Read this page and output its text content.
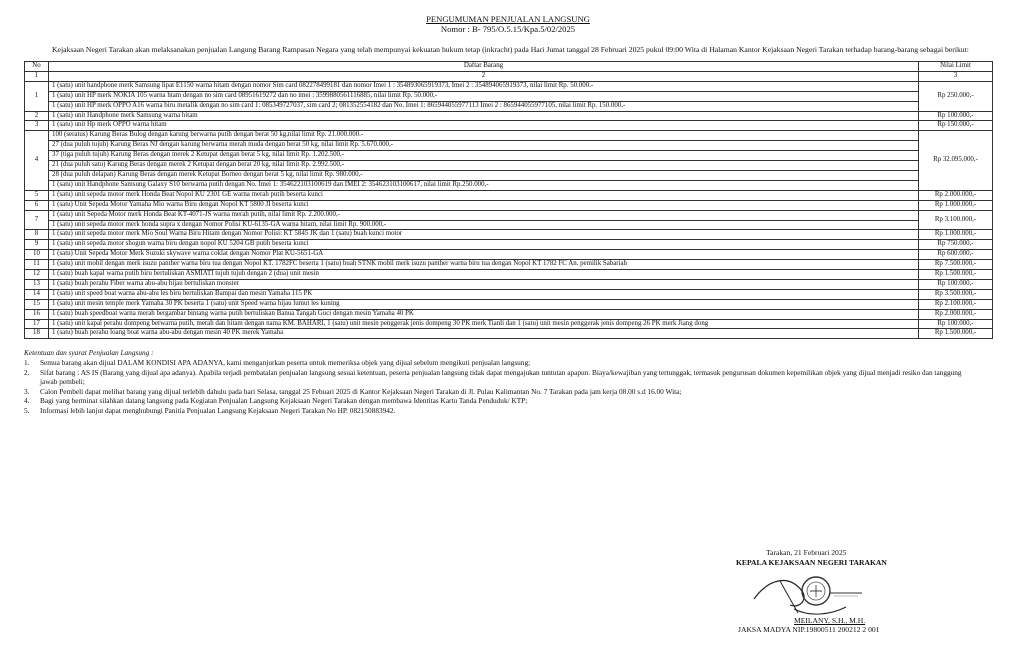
PENGUMUMAN PENJUALAN LANGSUNG
Nomor : B- 795/O.5.15/Kpa.5/02/2025
Kejaksaan Negeri Tarakan akan melaksanakan penjualan Langung Barang Rampasan Negara yang telah mempunyai kekuatan hukum tetap (inkracht) pada Hari Jumat tanggal 28 Februari 2025 pukul 09:00 Wita di Halaman Kantor Kejaksaan Negeri Tarakan terhadap barang-barang sebagai berikut:
No	Daftar Barang	Nilai Limit
1	2	3
1	1 (satu) unit handphone merk Samsung lipat E1150 warna hitam dengan nomor Sim card 082278499181 dan nomor Imei 1 : 354893065919373, Imei 2 : 354894065919373, nilai limit Rp. 50.000.-	Rp 250.000,-
	1 (satu) unit HP merk NOKIA 105 warna htam dengan no sim card 08951619272 dan no imei : 3599880561116885, nilai limit Rp. 50.000,-	
	1 (satu) unit HP merk OPPO A16 warna biru metalik dengan no sim card 1: 085349727037, sim card 2; 081352554182 dan No. Imei 1: 865944055977113 Imei 2 : 865944055977105, nilai limit Rp. 150.000,-	
2	1 (satu) unit Handphone merk Samsung warna hitam	Rp 100.000,-
3	1 (satu) unit Hp merk OPPO warna hitam	Rp 150.000,-
4	100 (seratus) Karung Beras Bulog dengan karung berwarna putih dengan berat 50 kg,nilai limit Rp. 21.000.000.-	Rp 32.095.000,-
	27 (dua puluh tujuh) Karung Beras NJ dengan karung berwarna merah muda dengan berat 50 kg, nilai limit Rp. 5.670.000,-	
	37 (tiga puluh tujuh) Karung Beras dengan merek 2 Ketupat dengan berat 5 kg, nilai limit Rp. 1.202.500,-	
	21 (dua puluh satu) Karung Beras dengan merek 2 Ketupat dengan berat 20 kg, nilai limit Rp. 2.992.500,-	
	28 (dua puluh delapan) Karung Beras dengan merek Ketupat Borneo dengan berat 5 kg, nilai limit Rp. 980.000,-	
	1 (satu) unit Handphone Samsung Galaxy S10 berwarna putih dengan No. Imei 1: 354622103100619 dan IMEI 2: 354623103100617, nilai limit Rp.250.000,-	
5	1 (satu) unit sepeda motor merk Honda Beat Nopol KU 2301 GE warna merah putih beserta kunci	Rp 2.000.000,-
6	1 (satu) Unit Sepeda Motor Yamaha Mio warna Biru dengan Nopol KT 5800 JI beserta kunci	Rp 1.000.000,-
7	1 (satu) unit Sepeda Motor merk Honda Beat KT-4071-JS warna merah putih, nilai limit Rp. 2.200.000,-	Rp 3.100.000,-
	1 (satu) unit sepeda motor merk honda supra x dengan Nomor Polisi KU-6135-GA warna hitam, nilai limit Rp. 900.000,-	
8	1 (satu) unit sepeda motor merk Mio Soul Warna Biru Hitam dengan Nomor Polisi: KT 5845 JK dan 1 (satu) buah kunci motor	Rp 1.000.000,-
9	1 (satu) unit sepeda motor shogun warna biru dengan nopol KU 5204 GB putih beserta kunci	Rp 750.000,-
10	1 (satu) Unit Sepeda Motor Merk Suzuki skywave warna coklat dengan Nomor Plat KU-5651-GA	Rp 600.000,-
11	1 (satu) unit mobil dengan merk isuzu panther warna biru tua dengan Nopol KT. 1782FC beserta 1 (satu) buah STNK mobil merk isuzu panther warna biru tua dengan Nopol KT 1782 FC An. pemilik Sabariah	Rp 7.500.000,-
12	1 (satu) buah kapal warna putih biru bertuliskan ASMIATI tujuh tujuh dengan 2 (dua) unit mesin	Rp 1.500.000,-
13	1 (satu) buah perahu Fiber warna abu-abu hijau bertuliskan monster	Rp 100.000,-
14	1 (satu) unit speed boat warna abu-abu les biru bertuliskan Bampai dan mesin Yamaha 115 PK	Rp 3.500.000,-
15	1 (satu) unit mesin temple merk Yamaha 30 PK beserta 1 (satu) unit Speed warna hijau lumut les kuning	Rp 2.100.000,-
16	1 (satu) buah speedboat warna merah bergambar bintang warna putih bertuliskan Banua Tangah Guci dengan mesin Yamaha 40 PK	Rp 2.000.000,-
17	1 (satu) unit kapal perahu dompeng berwarna putih, merah dan hitam dengan nama KM. BAHARI, 1 (satu) unit mesin penggerak jenis dompeng 30 PK merk Tianli dan 1 (satu) unit mesin penggerak jenis dompeng 26 PK merk Jiang dong	Rp 100.000,-
18	1 (satu) buah perahu loang boat warna abu-abu dengan mesin 40 PK merek Yamaha	Rp 1.500.000,-
Ketentuan dan syarat Penjualan Langsung :
1.	Semua barang akan dijual DALAM KONDISI APA ADANYA, kami menganjurkan peserta untuk memeriksa objek yang dijual sebelum mengikuti penjualan langsung;
2.	Sifat barang : AS IS (Barang yang dijual apa adanya). Apabila terjadi pembatalan penjualan langsung sesuai ketentuan, peserta penjualan langsung tidak dapat mengajukan tuntutan apapun. Biaya/kewajiban yang tertunggak, termasuk pengurusan dokumen kepemilikan objek yang dijual menjadi resiko dan tanggung jawab pembeli;
3.	Calon Pembeli dapat melihat barang yang dijual terlebih dahulu pada hari Selasa, tanggal 25 Febuari 2025 di Kantor Kejaksaan Negeri Tarakan di Jl. Pulau Kalimantan No. 7 Tarakan pada jam kerja 08.00 s.d 16.00 Wita;
4.	Bagi yang berminat silahkan datang langsung pada Kegiatan Penjualan Langsung Kejaksaan Negeri Tarakan dengan membawa Identitas Kartu Tanda Penduduk/ KTP;
5.	Informasi lebih lanjut dapat menghubungi Panitia Penjualan Langsung Kejaksaan Negeri Tarakan No HP. 082150883942.
Tarakan, 21 Februari 2025
KEPALA KEJAKSAAN NEGERI TARAKAN
MEILANY, S.H., M.H.
JAKSA MADYA NIP.19800511 200212 2 001
